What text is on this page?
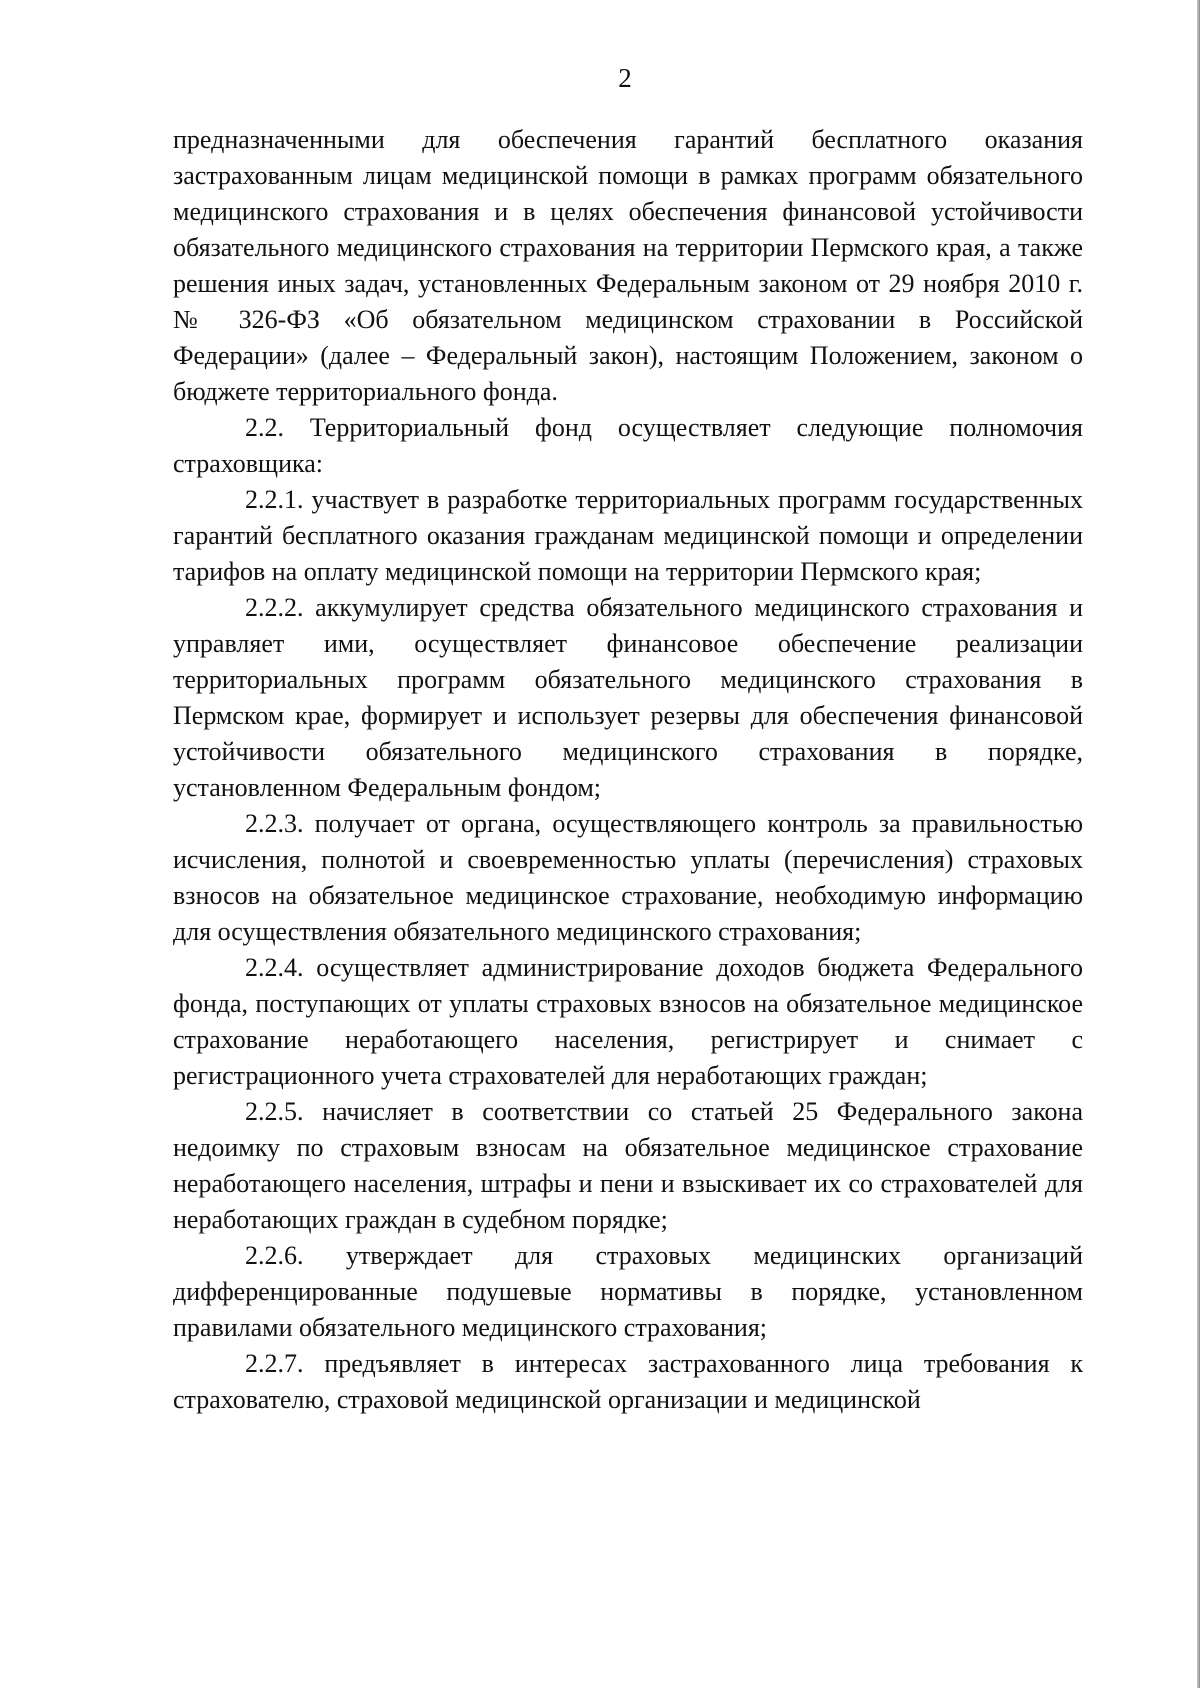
2

предназначенными для обеспечения гарантий бесплатного оказания застрахованным лицам медицинской помощи в рамках программ обязательного медицинского страхования и в целях обеспечения финансовой устойчивости обязательного медицинского страхования на территории Пермского края, а также решения иных задач, установленных Федеральным законом от 29 ноября 2010 г. № 326-ФЗ «Об обязательном медицинском страховании в Российской Федерации» (далее – Федеральный закон), настоящим Положением, законом о бюджете территориального фонда.

2.2. Территориальный фонд осуществляет следующие полномочия страховщика:

2.2.1. участвует в разработке территориальных программ государственных гарантий бесплатного оказания гражданам медицинской помощи и определении тарифов на оплату медицинской помощи на территории Пермского края;

2.2.2. аккумулирует средства обязательного медицинского страхования и управляет ими, осуществляет финансовое обеспечение реализации территориальных программ обязательного медицинского страхования в Пермском крае, формирует и использует резервы для обеспечения финансовой устойчивости обязательного медицинского страхования в порядке, установленном Федеральным фондом;

2.2.3. получает от органа, осуществляющего контроль за правильностью исчисления, полнотой и своевременностью уплаты (перечисления) страховых взносов на обязательное медицинское страхование, необходимую информацию для осуществления обязательного медицинского страхования;

2.2.4. осуществляет администрирование доходов бюджета Федерального фонда, поступающих от уплаты страховых взносов на обязательное медицинское страхование неработающего населения, регистрирует и снимает с регистрационного учета страхователей для неработающих граждан;

2.2.5. начисляет в соответствии со статьей 25 Федерального закона недоимку по страховым взносам на обязательное медицинское страхование неработающего населения, штрафы и пени и взыскивает их со страхователей для неработающих граждан в судебном порядке;

2.2.6. утверждает для страховых медицинских организаций дифференцированные подушевые нормативы в порядке, установленном правилами обязательного медицинского страхования;

2.2.7. предъявляет в интересах застрахованного лица требования к страхователю, страховой медицинской организации и медицинской
